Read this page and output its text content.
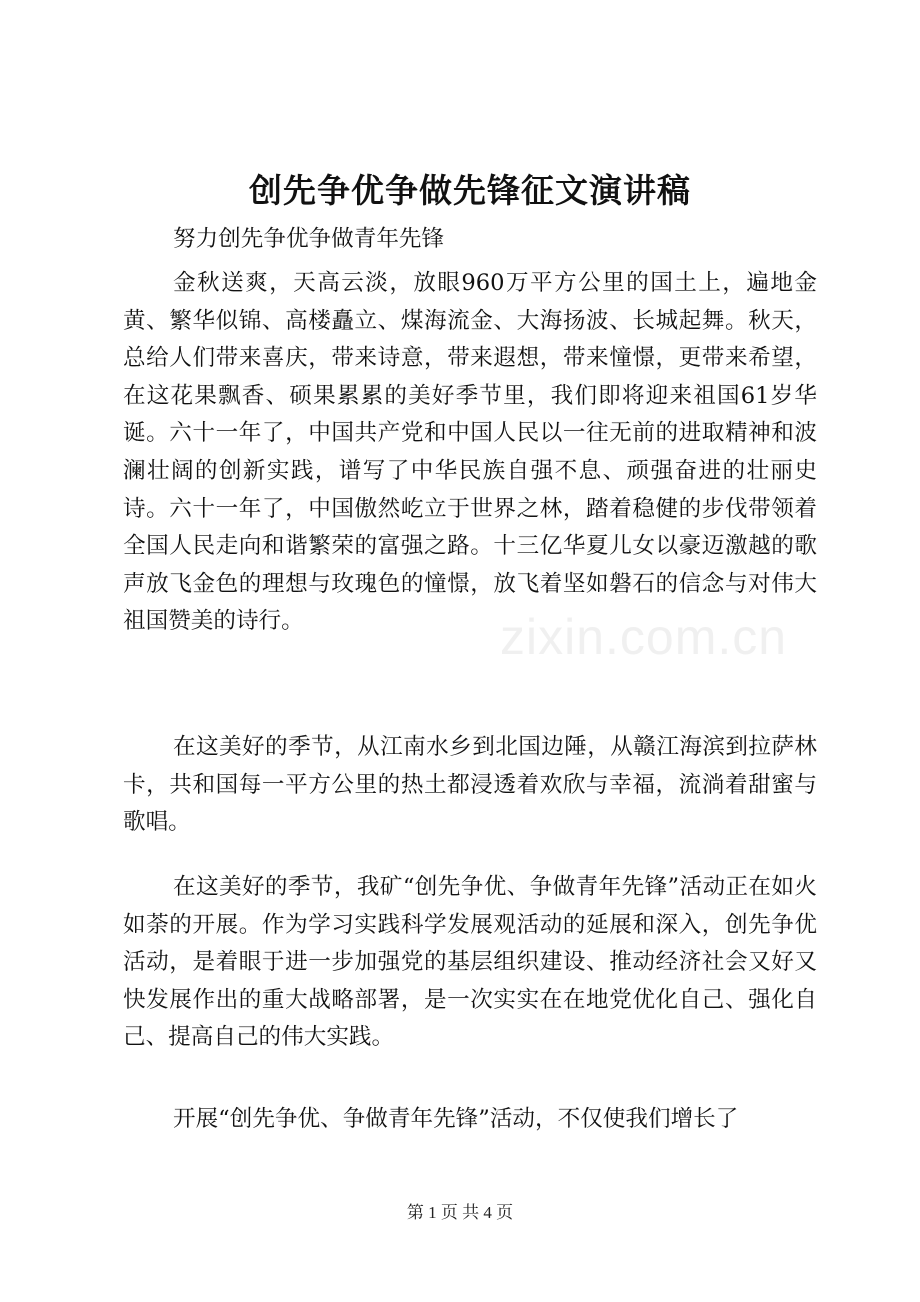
创先争优争做先锋征文演讲稿

努力创先争优争做青年先锋

金秋送爽，天高云淡，放眼960万平方公里的国土上，遍地金黄、繁华似锦、高楼矗立、煤海流金、大海扬波、长城起舞。秋天，总给人们带来喜庆，带来诗意，带来遐想，带来憧憬，更带来希望，在这花果飘香、硕果累累的美好季节里，我们即将迎来祖国61岁华诞。六十一年了，中国共产党和中国人民以一往无前的进取精神和波澜壮阔的创新实践，谱写了中华民族自强不息、顽强奋进的壮丽史诗。六十一年了，中国傲然屹立于世界之林，踏着稳健的步伐带领着全国人民走向和谐繁荣的富强之路。十三亿华夏儿女以豪迈激越的歌声放飞金色的理想与玫瑰色的憧憬，放飞着坚如磐石的信念与对伟大祖国赞美的诗行。

在这美好的季节，从江南水乡到北国边陲，从赣江海滨到拉萨林卡，共和国每一平方公里的热土都浸透着欢欣与幸福，流淌着甜蜜与歌唱。

在这美好的季节，我矿“创先争优、争做青年先锋”活动正在如火如荼的开展。作为学习实践科学发展观活动的延展和深入，创先争优活动，是着眼于进一步加强党的基层组织建设、推动经济社会又好又快发展作出的重大战略部署，是一次实实在在地党优化自己、强化自己、提高自己的伟大实践。

开展“创先争优、争做青年先锋”活动，不仅使我们增长了

zixin.com.cn
第 1 页 共 4 页
